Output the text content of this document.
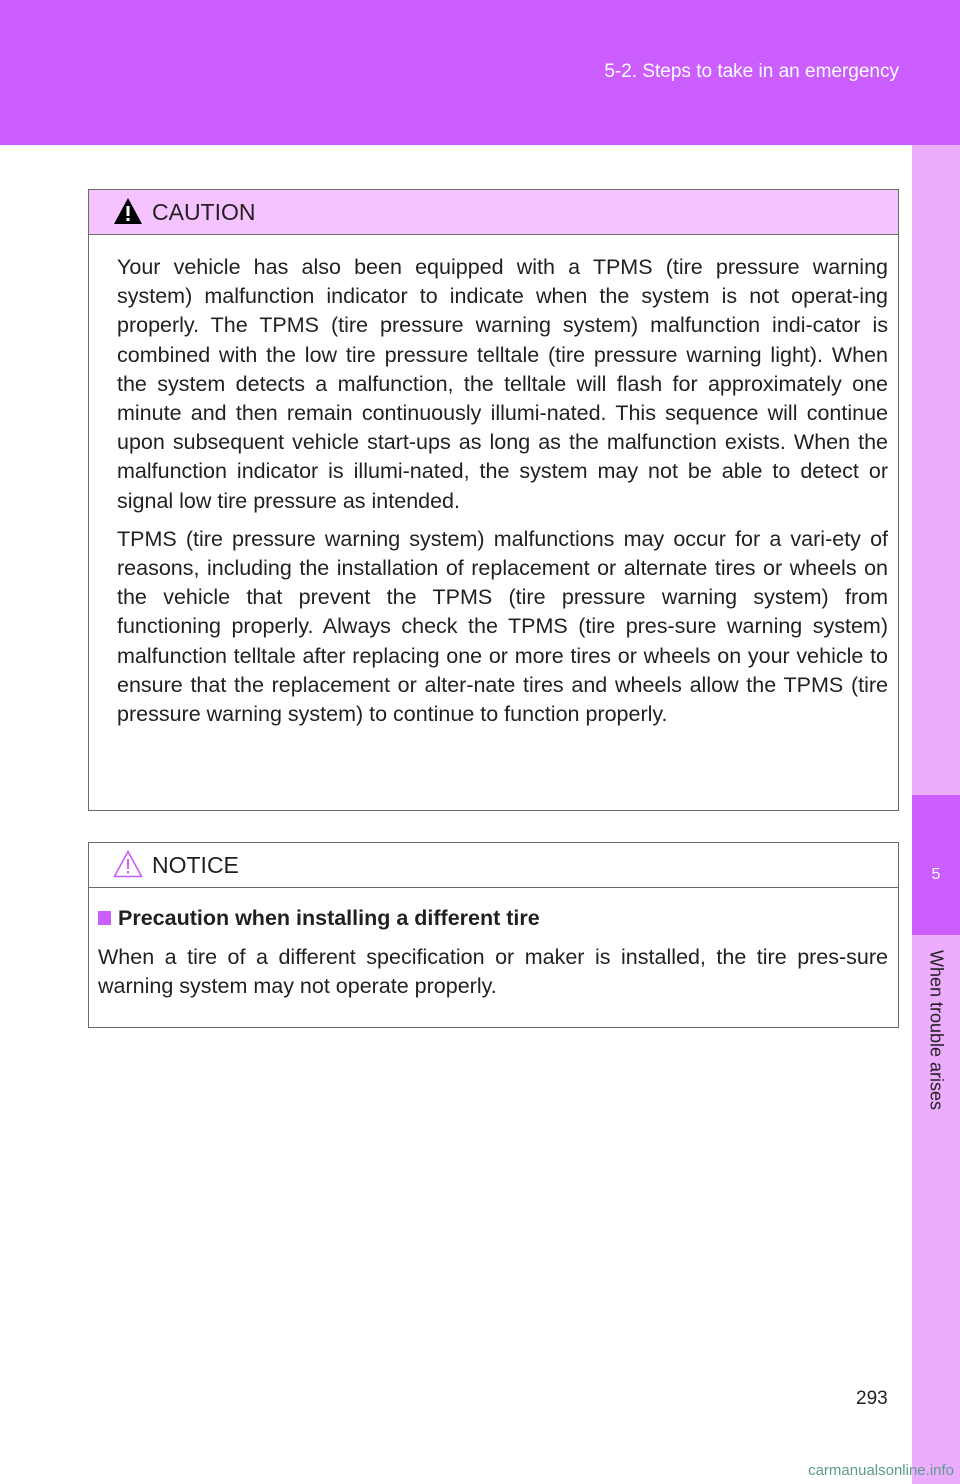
5-2. Steps to take in an emergency
5
When trouble arises
CAUTION

Your vehicle has also been equipped with a TPMS (tire pressure warning system) malfunction indicator to indicate when the system is not operat-ing properly. The TPMS (tire pressure warning system) malfunction indi-cator is combined with the low tire pressure telltale (tire pressure warning light). When the system detects a malfunction, the telltale will flash for approximately one minute and then remain continuously illumi-nated. This sequence will continue upon subsequent vehicle start-ups as long as the malfunction exists. When the malfunction indicator is illumi-nated, the system may not be able to detect or signal low tire pressure as intended.

TPMS (tire pressure warning system) malfunctions may occur for a vari-ety of reasons, including the installation of replacement or alternate tires or wheels on the vehicle that prevent the TPMS (tire pressure warning system) from functioning properly. Always check the TPMS (tire pres-sure warning system) malfunction telltale after replacing one or more tires or wheels on your vehicle to ensure that the replacement or alter-nate tires and wheels allow the TPMS (tire pressure warning system) to continue to function properly.

NOTICE
Precaution when installing a different tire

When a tire of a different specification or maker is installed, the tire pres-sure warning system may not operate properly.

293
carmanualsonline.info
